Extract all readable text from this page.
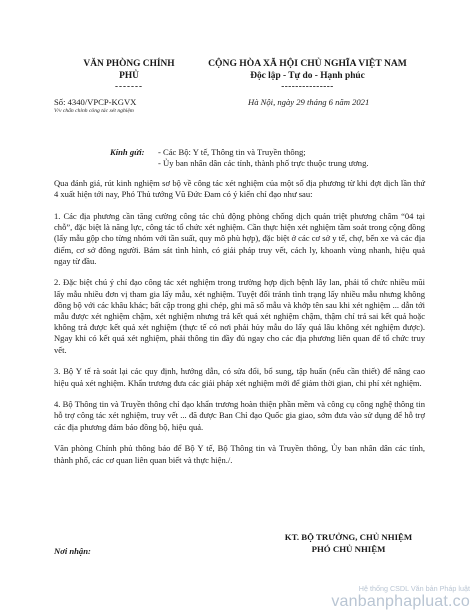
VĂN PHÒNG CHÍNH
PHỦ
-------
CỘNG HÒA XÃ HỘI CHỦ NGHĨA VIỆT NAM
Độc lập - Tự do - Hạnh phúc
---------------
Số: 4340/VPCP-KGVX
V/v chấn chỉnh công tác xét nghiệm
Hà Nội, ngày 29 tháng 6 năm 2021
Kính gửi:	- Các Bộ: Y tế, Thông tin và Truyền thông;
- Ủy ban nhân dân các tỉnh, thành phố trực thuộc trung ương.

Qua đánh giá, rút kinh nghiệm sơ bộ về công tác xét nghiệm của một số địa phương từ khi đợt dịch lần thứ 4 xuất hiện tới nay, Phó Thủ tướng Vũ Đức Đam có ý kiến chỉ đạo như sau:

1. Các địa phương cần tăng cường công tác chủ động phòng chống dịch quán triệt phương châm “04 tại chỗ”, đặc biệt là năng lực, công tác tổ chức xét nghiệm. Cần thực hiện xét nghiệm tầm soát trong cộng đồng (lấy mẫu gộp cho từng nhóm với tần suất, quy mô phù hợp), đặc biệt ở các cơ sở y tế, chợ, bến xe và các địa điểm, cơ sở đông người. Bám sát tình hình, có giải pháp truy vết, cách ly, khoanh vùng nhanh, hiệu quả ngay từ đầu.

2. Đặc biệt chú ý chỉ đạo công tác xét nghiệm trong trường hợp dịch bệnh lây lan, phải tổ chức nhiều mũi lấy mẫu nhiều đơn vị tham gia lấy mẫu, xét nghiệm. Tuyệt đối tránh tình trạng lấy nhiều mẫu nhưng không đồng bộ với các khâu khác; bất cập trong ghi chép, ghi mã số mẫu và khớp tên sau khi xét nghiệm ... dẫn tới mẫu được xét nghiệm chậm, xét nghiệm nhưng trả kết quả xét nghiệm chậm, thậm chí trả sai kết quả hoặc không trả được kết quả xét nghiệm (thực tế có nơi phải hủy mẫu do lấy quá lâu không xét nghiệm được). Ngay khi có kết quả xét nghiệm, phải thông tin đầy đủ ngay cho các địa phương liên quan để tổ chức truy vết.

3. Bộ Y tế rà soát lại các quy định, hướng dẫn, có sửa đổi, bổ sung, tập huấn (nếu cần thiết) để nâng cao hiệu quả xét nghiệm. Khẩn trương đưa các giải pháp xét nghiệm mới để giảm thời gian, chi phí xét nghiệm.

4. Bộ Thông tin và Truyền thông chỉ đạo khẩn trương hoàn thiện phần mềm và công cụ công nghệ thông tin hỗ trợ công tác xét nghiệm, truy vết ... đã được Ban Chỉ đạo Quốc gia giao, sớm đưa vào sử dụng để hỗ trợ các địa phương đảm bảo đồng bộ, hiệu quả.

Văn phòng Chính phủ thông báo để Bộ Y tế, Bộ Thông tin và Truyền thông, Ủy ban nhân dân các tỉnh, thành phố, các cơ quan liên quan biết và thực hiện./.

KT. BỘ TRƯỞNG, CHỦ NHIỆM
PHÓ CHỦ NHIỆM
Nơi nhận:
Hệ thống CSDL Văn bản Pháp luật
vanbanphapluat.co
